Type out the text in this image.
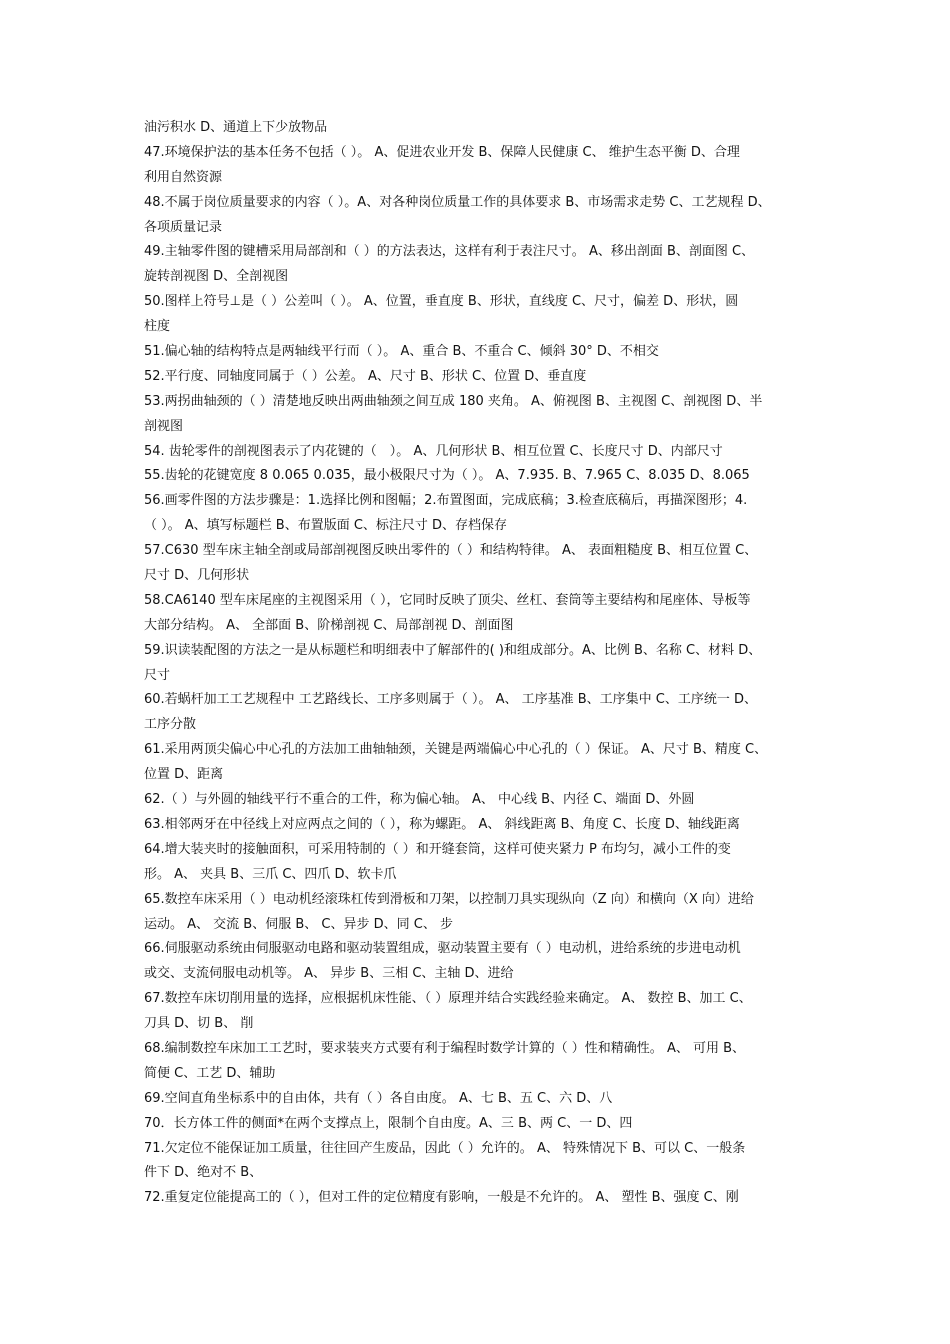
油污积水 D、通道上下少放物品
47.环境保护法的基本任务不包括（ ）。 A、促进农业开发 B、保障人民健康 C、 维护生态平衡 D、合理
利用自然资源
48.不属于岗位质量要求的内容（ ）。A、对各种岗位质量工作的具体要求 B、市场需求走势 C、工艺规程 D、
各项质量记录
49.主轴零件图的键槽采用局部剖和（ ）的方法表达，这样有利于表注尺寸。 A、移出剖面 B、剖面图 C、
旋转剖视图 D、全剖视图
50.图样上符号⊥是（ ）公差叫（ ）。 A、位置，垂直度 B、形状，直线度 C、尺寸，偏差 D、形状，圆
柱度
51.偏心轴的结构特点是两轴线平行而（ ）。 A、重合 B、不重合 C、倾斜 30° D、不相交
52.平行度、同轴度同属于（ ）公差。 A、尺寸 B、形状 C、位置 D、垂直度
53.两拐曲轴颈的（ ）清楚地反映出两曲轴颈之间互成 180 夹角。 A、俯视图 B、主视图 C、剖视图 D、半
剖视图
54. 齿轮零件的剖视图表示了内花键的（　）。 A、几何形状 B、相互位置 C、长度尺寸 D、内部尺寸
55.齿轮的花键宽度 8 0.065 0.035，最小极限尺寸为（ ）。 A、7.935. B、7.965 C、8.035 D、8.065
56.画零件图的方法步骤是：1.选择比例和图幅；2.布置图面，完成底稿；3.检查底稿后，再描深图形；4.
（ ）。 A、填写标题栏 B、布置版面 C、标注尺寸 D、存档保存
57.C630 型车床主轴全剖或局部剖视图反映出零件的（ ）和结构特律。 A、 表面粗糙度 B、相互位置 C、
尺寸 D、几何形状
58.CA6140 型车床尾座的主视图采用（ ），它同时反映了顶尖、丝杠、套筒等主要结构和尾座体、导板等
大部分结构。 A、 全部面 B、阶梯剖视 C、局部剖视 D、剖面图
59.识读装配图的方法之一是从标题栏和明细表中了解部件的( )和组成部分。A、比例 B、名称 C、材料 D、
尺寸
60.若蜗杆加工工艺规程中 工艺路线长、工序多则属于（ ）。 A、 工序基准 B、工序集中 C、工序统一 D、
工序分散
61.采用两顶尖偏心中心孔的方法加工曲轴轴颈，关键是两端偏心中心孔的（ ）保证。 A、尺寸 B、精度 C、
位置 D、距离
62.（ ）与外圆的轴线平行不重合的工件，称为偏心轴。 A、 中心线 B、内径 C、端面 D、外圆
63.相邻两牙在中径线上对应两点之间的（ ），称为螺距。 A、 斜线距离 B、角度 C、长度 D、轴线距离
64.增大装夹时的接触面积，可采用特制的（ ）和开缝套筒，这样可使夹紧力 P 布均匀，减小工件的变
形。 A、 夹具 B、三爪 C、四爪 D、软卡爪
65.数控车床采用（ ）电动机经滚珠杠传到滑板和刀架，以控制刀具实现纵向（Z 向）和横向（X 向）进给
运动。 A、 交流 B、伺服 B、 C、异步 D、同 C、 步
66.伺服驱动系统由伺服驱动电路和驱动装置组成，驱动装置主要有（ ）电动机，进给系统的步进电动机
或交、支流伺服电动机等。 A、 异步 B、三相 C、主轴 D、进给
67.数控车床切削用量的选择，应根据机床性能、（ ）原理并结合实践经验来确定。 A、 数控 B、加工 C、
刀具 D、切 B、 削
68.编制数控车床加工工艺时，要求装夹方式要有利于编程时数学计算的（ ）性和精确性。 A、 可用 B、
简便 C、工艺 D、辅助
69.空间直角坐标系中的自由体，共有（ ）各自由度。 A、七 B、五 C、六 D、八
70．长方体工件的侧面*在两个支撑点上，限制个自由度。A、三 B、两 C、一 D、四
71.欠定位不能保证加工质量，往往回产生废品，因此（ ）允许的。 A、 特殊情况下 B、可以 C、一般条
件下 D、绝对不 B、
72.重复定位能提高工的（ ），但对工件的定位精度有影响，一般是不允许的。 A、 塑性 B、强度 C、刚
